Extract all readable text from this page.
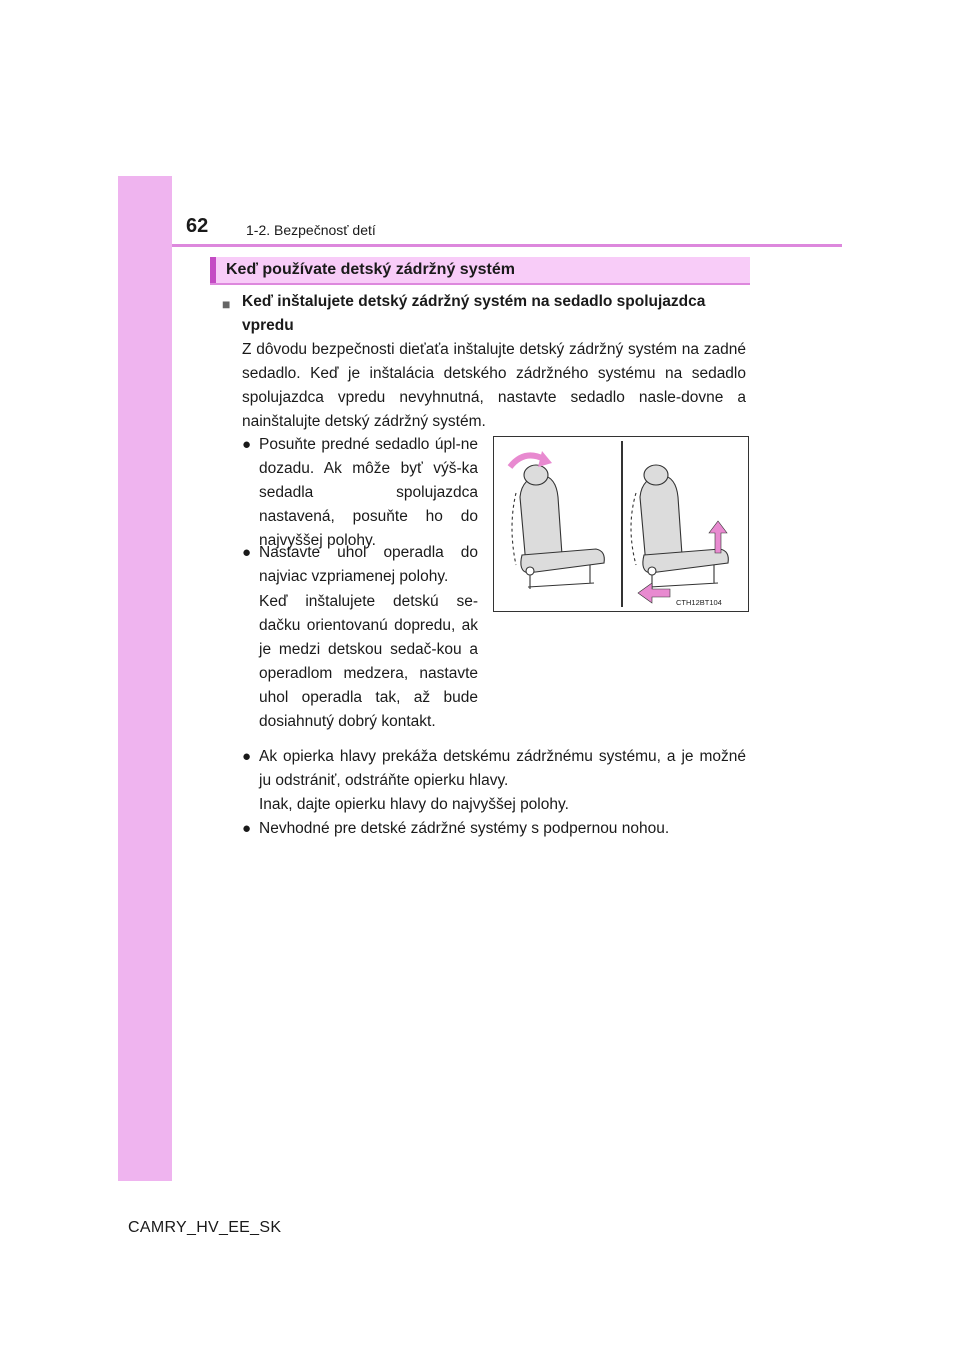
62	1-2. Bezpečnosť detí
Keď používate detský zádržný systém
■ Keď inštalujete detský zádržný systém na sedadlo spolujazdca vpredu

Z dôvodu bezpečnosti dieťaťa inštalujte detský zádržný systém na zadné sedadlo. Keď je inštalácia detského zádržného systému na sedadlo spolujazdca vpredu nevyhnutná, nastavte sedadlo nasle-dovne a nainštalujte detský zádržný systém.

● Posuňte predné sedadlo úpl-ne dozadu. Ak môže byť výš-ka sedadla spolujazdca nastavená, posuňte ho do najvyššej polohy.
● Nastavte uhol operadla do najviac vzpriamenej polohy.

Keď inštalujete detskú se-dačku orientovanú dopredu, ak je medzi detskou sedač-kou a operadlom medzera, nastavte uhol operadla tak, až bude dosiahnutý dobrý kontakt.

● Ak opierka hlavy prekáža detskému zádržnému systému, a je možné ju odstrániť, odstráňte opierku hlavy.

Inak, dajte opierku hlavy do najvyššej polohy.

● Nevhodné pre detské zádržné systémy s podpernou nohou.
CTH12BT104
CAMRY_HV_EE_SK
